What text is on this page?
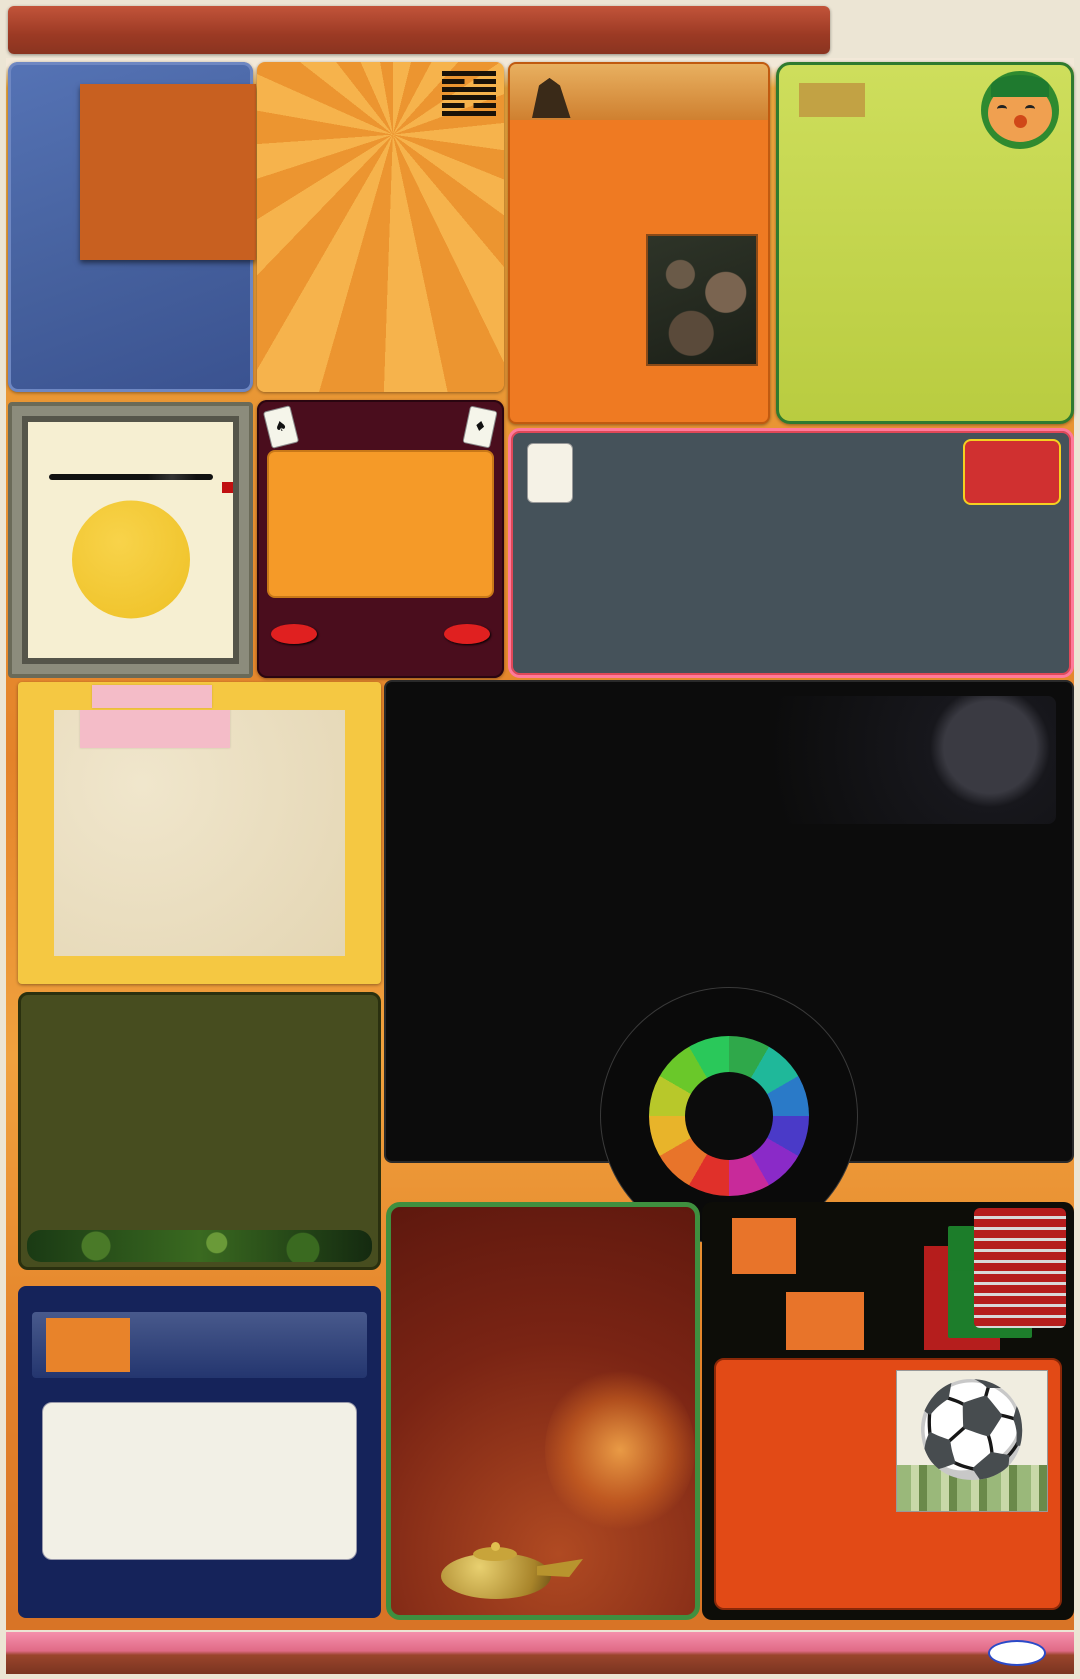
♠	♦

⚽
